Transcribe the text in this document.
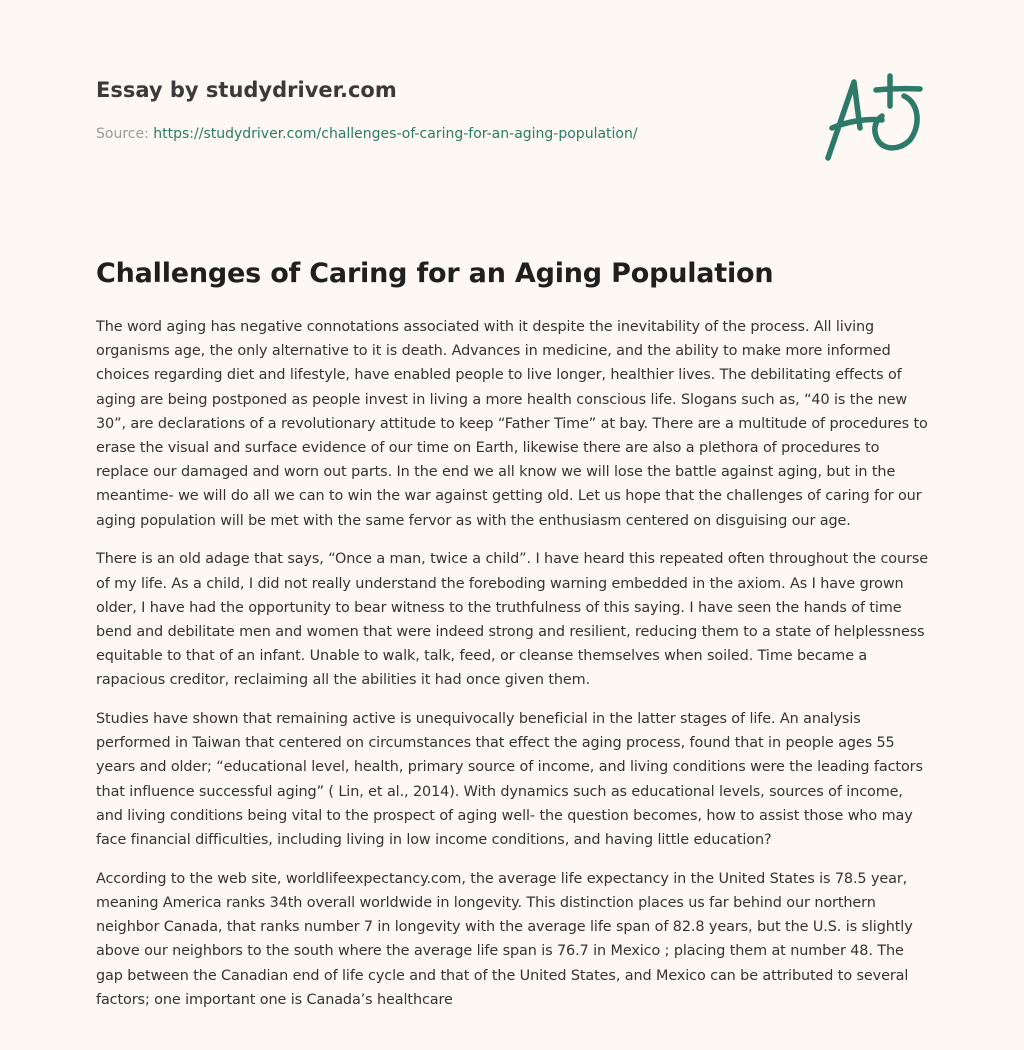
Essay by studydriver.com
Source: https://studydriver.com/challenges-of-caring-for-an-aging-population/
Challenges of Caring for an Aging Population

The word aging has negative connotations associated with it despite the inevitability of the process. All living organisms age, the only alternative to it is death. Advances in medicine, and the ability to make more informed choices regarding diet and lifestyle, have enabled people to live longer, healthier lives. The debilitating effects of aging are being postponed as people invest in living a more health conscious life. Slogans such as, “40 is the new 30”, are declarations of a revolutionary attitude to keep “Father Time” at bay. There are a multitude of procedures to erase the visual and surface evidence of our time on Earth, likewise there are also a plethora of procedures to replace our damaged and worn out parts. In the end we all know we will lose the battle against aging, but in the meantime- we will do all we can to win the war against getting old. Let us hope that the challenges of caring for our aging population will be met with the same fervor as with the enthusiasm centered on disguising our age.

There is an old adage that says, “Once a man, twice a child”. I have heard this repeated often throughout the course of my life. As a child, I did not really understand the foreboding warning embedded in the axiom. As I have grown older, I have had the opportunity to bear witness to the truthfulness of this saying. I have seen the hands of time bend and debilitate men and women that were indeed strong and resilient, reducing them to a state of helplessness equitable to that of an infant. Unable to walk, talk, feed, or cleanse themselves when soiled. Time became a rapacious creditor, reclaiming all the abilities it had once given them.

Studies have shown that remaining active is unequivocally beneficial in the latter stages of life. An analysis performed in Taiwan that centered on circumstances that effect the aging process, found that in people ages 55 years and older; “educational level, health, primary source of income, and living conditions were the leading factors that influence successful aging” ( Lin, et al., 2014). With dynamics such as educational levels, sources of income, and living conditions being vital to the prospect of aging well- the question becomes, how to assist those who may face financial difficulties, including living in low income conditions, and having little education?

According to the web site, worldlifeexpectancy.com, the average life expectancy in the United States is 78.5 year, meaning America ranks 34th overall worldwide in longevity. This distinction places us far behind our northern neighbor Canada, that ranks number 7 in longevity with the average life span of 82.8 years, but the U.S. is slightly above our neighbors to the south where the average life span is 76.7 in Mexico ; placing them at number 48. The gap between the Canadian end of life cycle and that of the United States, and Mexico can be attributed to several factors; one important one is Canada’s healthcare
